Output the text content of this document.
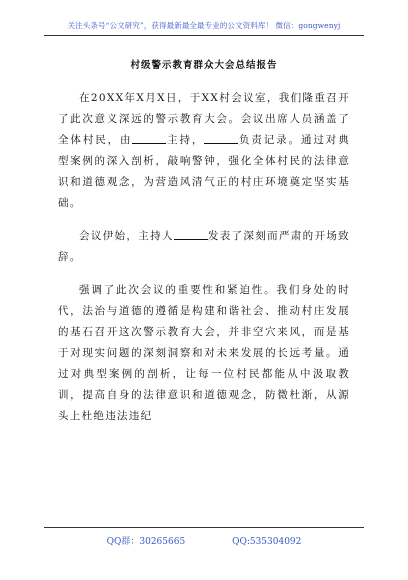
关注头条号“公文研究”，获得最新最全最专业的公文资料库！ 微信：gongwenyj
村级警示教育群众大会总结报告

在20XX年X月X日，于XX村会议室，我们隆重召开了此次意义深远的警示教育大会。会议出席人员涵盖了全体村民，由	主持，	负责记录。通过对典型案例的深入剖析，敲响警钟，强化全体村民的法律意识和道德观念，为营造风清气正的村庄环境奠定坚实基础。

会议伊始，主持人	发表了深刻而严肃的开场致辞。

强调了此次会议的重要性和紧迫性。我们身处的时代，法治与道德的遵循是构建和谐社会、推动村庄发展的基石召开这次警示教育大会，并非空穴来风，而是基于对现实问题的深刻洞察和对未来发展的长远考量。通过对典型案例的剖析，让每一位村民都能从中汲取教训，提高自身的法律意识和道德观念，防微杜渐，从源头上杜绝违法违纪

QQ群：30265665	QQ:535304092
